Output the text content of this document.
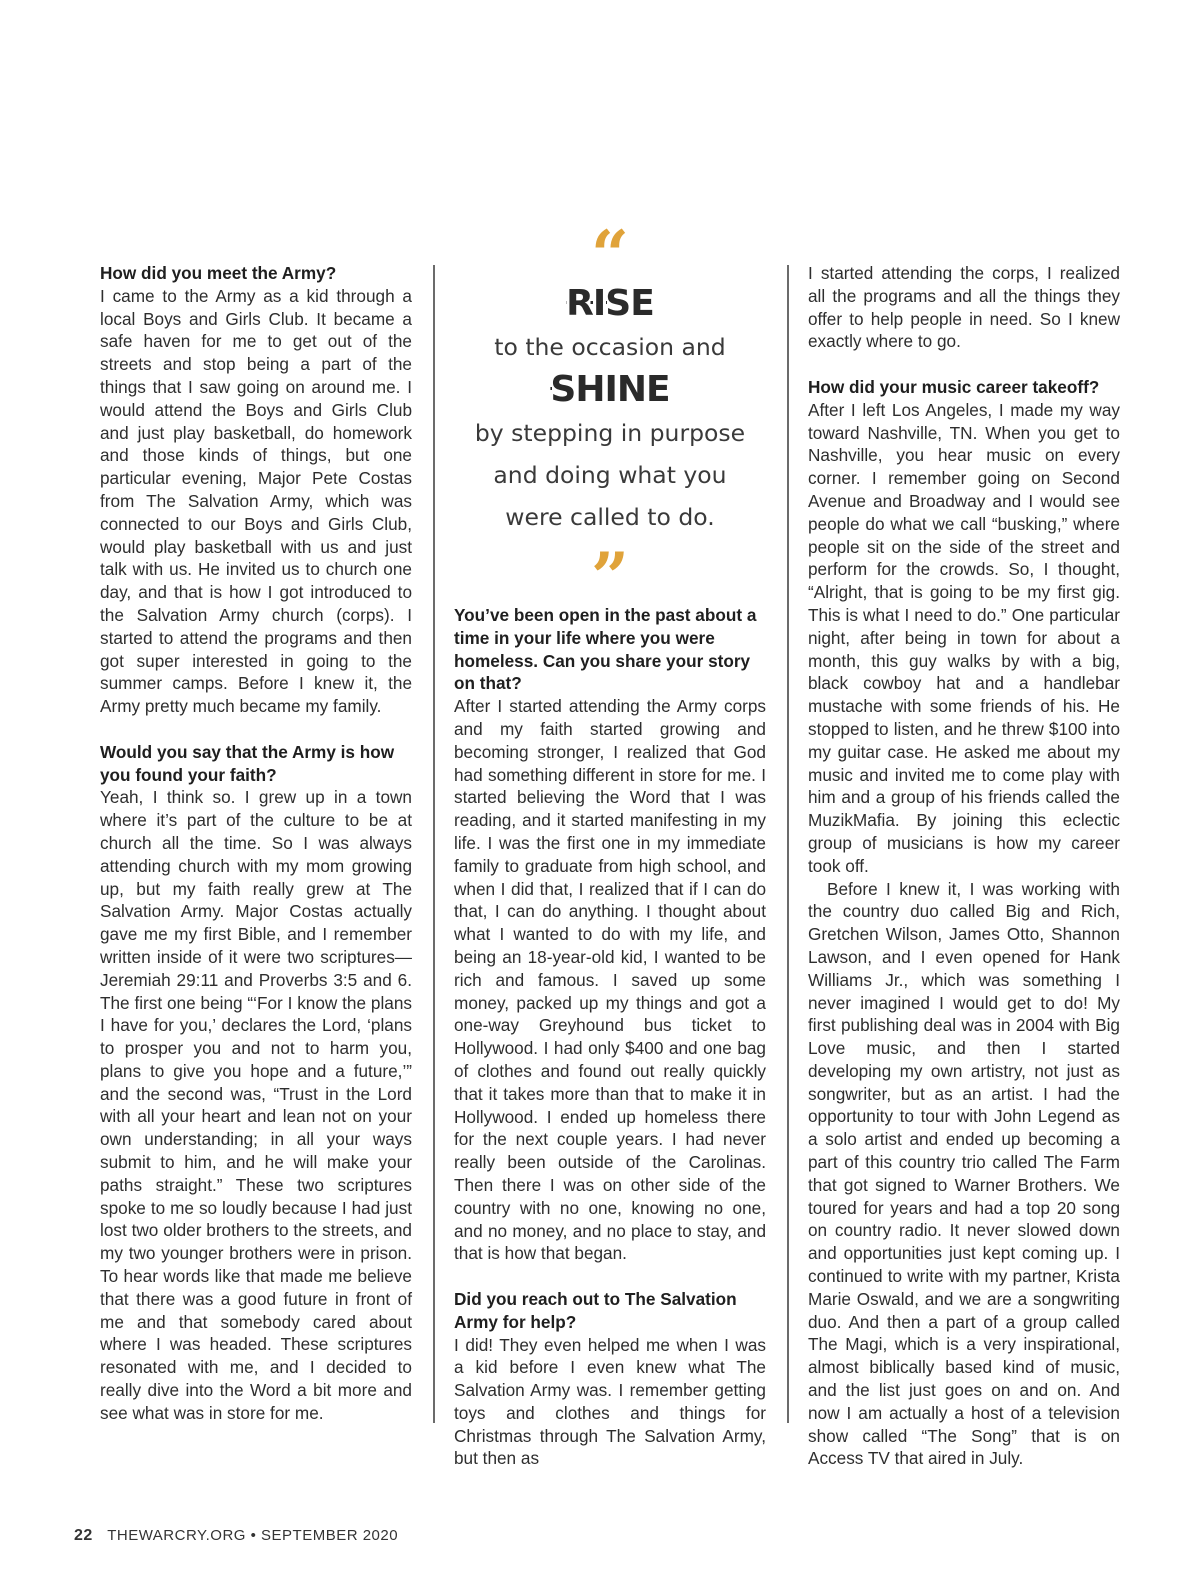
How did you meet the Army?

I came to the Army as a kid through a local Boys and Girls Club. It became a safe haven for me to get out of the streets and stop being a part of the things that I saw going on around me. I would attend the Boys and Girls Club and just play basketball, do homework and those kinds of things, but one particular evening, Major Pete Costas from The Salvation Army, which was connected to our Boys and Girls Club, would play basketball with us and just talk with us. He invited us to church one day, and that is how I got introduced to the Salvation Army church (corps). I started to attend the programs and then got super interested in going to the summer camps. Before I knew it, the Army pretty much became my family.

Would you say that the Army is how you found your faith?

Yeah, I think so. I grew up in a town where it’s part of the culture to be at church all the time. So I was always attending church with my mom growing up, but my faith really grew at The Salvation Army. Major Costas actually gave me my first Bible, and I remember written inside of it were two scriptures—Jeremiah 29:11 and Proverbs 3:5 and 6. The first one being “‘For I know the plans I have for you,’ declares the Lord, ‘plans to prosper you and not to harm you, plans to give you hope and a future,’” and the second was, “Trust in the Lord with all your heart and lean not on your own understanding; in all your ways submit to him, and he will make your paths straight.” These two scriptures spoke to me so loudly because I had just lost two older brothers to the streets, and my two younger brothers were in prison. To hear words like that made me believe that there was a good future in front of me and that somebody cared about where I was headed. These scriptures resonated with me, and I decided to really dive into the Word a bit more and see what was in store for me.

“
RISE
to the occasion and
SHINE
by stepping in purpose
and doing what you
were called to do.
”

You’ve been open in the past about a time in your life where you were homeless. Can you share your story on that?

After I started attending the Army corps and my faith started growing and becoming stronger, I realized that God had something different in store for me. I started believing the Word that I was reading, and it started manifesting in my life. I was the first one in my immediate family to graduate from high school, and when I did that, I realized that if I can do that, I can do anything. I thought about what I wanted to do with my life, and being an 18-year-old kid, I wanted to be rich and famous. I saved up some money, packed up my things and got a one-way Greyhound bus ticket to Hollywood. I had only $400 and one bag of clothes and found out really quickly that it takes more than that to make it in Hollywood. I ended up homeless there for the next couple years. I had never really been outside of the Carolinas. Then there I was on other side of the country with no one, knowing no one, and no money, and no place to stay, and that is how that began.

Did you reach out to The Salvation Army for help?

I did! They even helped me when I was a kid before I even knew what The Salvation Army was. I remember getting toys and clothes and things for Christmas through The Salvation Army, but then as

I started attending the corps, I realized all the programs and all the things they offer to help people in need. So I knew exactly where to go.

How did your music career takeoff?

After I left Los Angeles, I made my way toward Nashville, TN. When you get to Nashville, you hear music on every corner. I remember going on Second Avenue and Broadway and I would see people do what we call “busking,” where people sit on the side of the street and perform for the crowds. So, I thought, “Alright, that is going to be my first gig. This is what I need to do.” One particular night, after being in town for about a month, this guy walks by with a big, black cowboy hat and a handlebar mustache with some friends of his. He stopped to listen, and he threw $100 into my guitar case. He asked me about my music and invited me to come play with him and a group of his friends called the MuzikMafia. By joining this eclectic group of musicians is how my career took off.

Before I knew it, I was working with the country duo called Big and Rich, Gretchen Wilson, James Otto, Shannon Lawson, and I even opened for Hank Williams Jr., which was something I never imagined I would get to do! My first publishing deal was in 2004 with Big Love music, and then I started developing my own artistry, not just as songwriter, but as an artist. I had the opportunity to tour with John Legend as a solo artist and ended up becoming a part of this country trio called The Farm that got signed to Warner Brothers. We toured for years and had a top 20 song on country radio. It never slowed down and opportunities just kept coming up. I continued to write with my partner, Krista Marie Oswald, and we are a songwriting duo. And then a part of a group called The Magi, which is a very inspirational, almost biblically based kind of music, and the list just goes on and on. And now I am actually a host of a television show called “The Song” that is on Access TV that aired in July.

22 THEWARCRY.ORG • SEPTEMBER 2020
